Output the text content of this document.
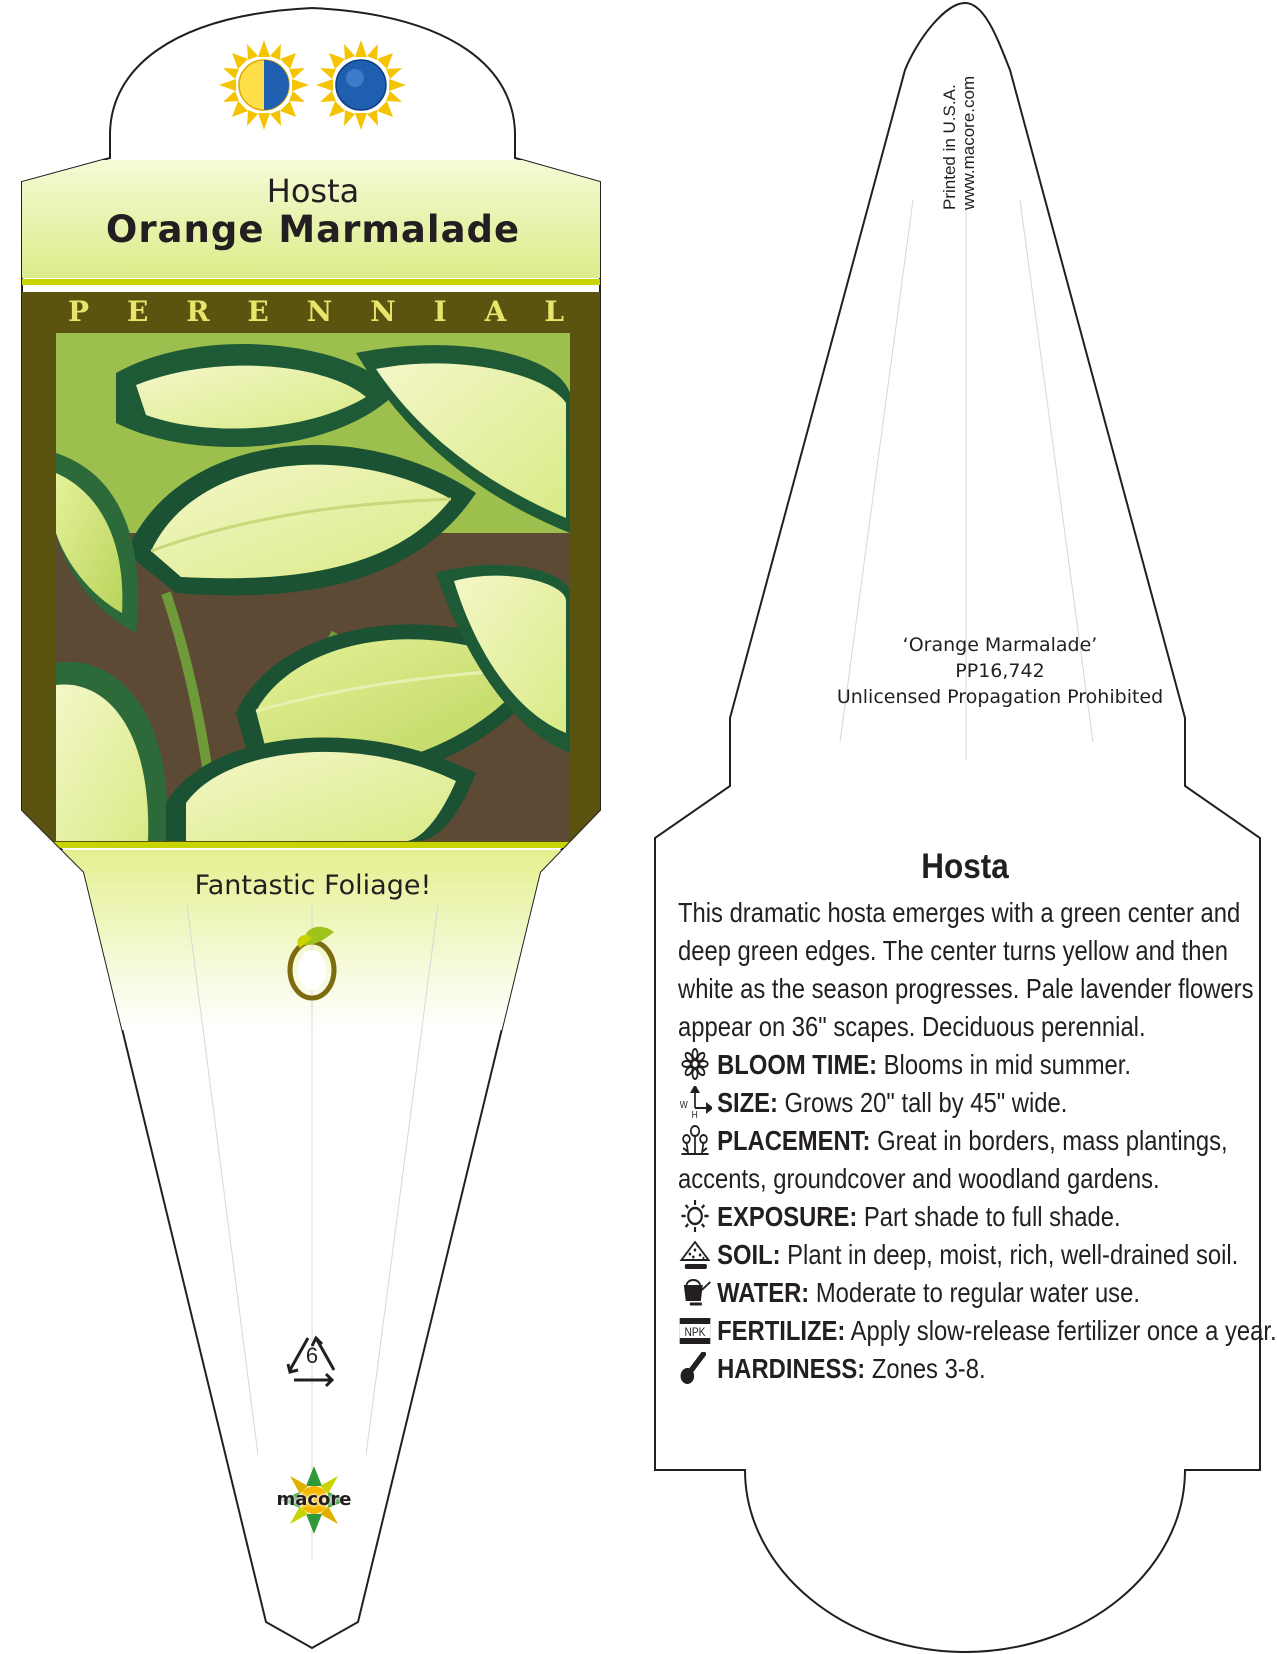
Hosta
Orange Marmalade
P E R E N N I A L
Fantastic Foliage!
6
macore
Printed in U.S.A. www.macore.com
‘Orange Marmalade’
PP16,742
Unlicensed Propagation Prohibited
Hosta
This dramatic hosta emerges with a green center and deep green edges. The center turns yellow and then white as the season progresses. Pale lavender flowers appear on 36" scapes. Deciduous perennial.
BLOOM TIME: Blooms in mid summer.
W
H SIZE: Grows 20" tall by 45" wide.
PLACEMENT: Great in borders, mass plantings, accents, groundcover and woodland gardens.
EXPOSURE: Part shade to full shade.
SOIL: Plant in deep, moist, rich, well-drained soil.
WATER: Moderate to regular water use.
NPK FERTILIZE: Apply slow-release fertilizer once a year.
HARDINESS: Zones 3-8.
